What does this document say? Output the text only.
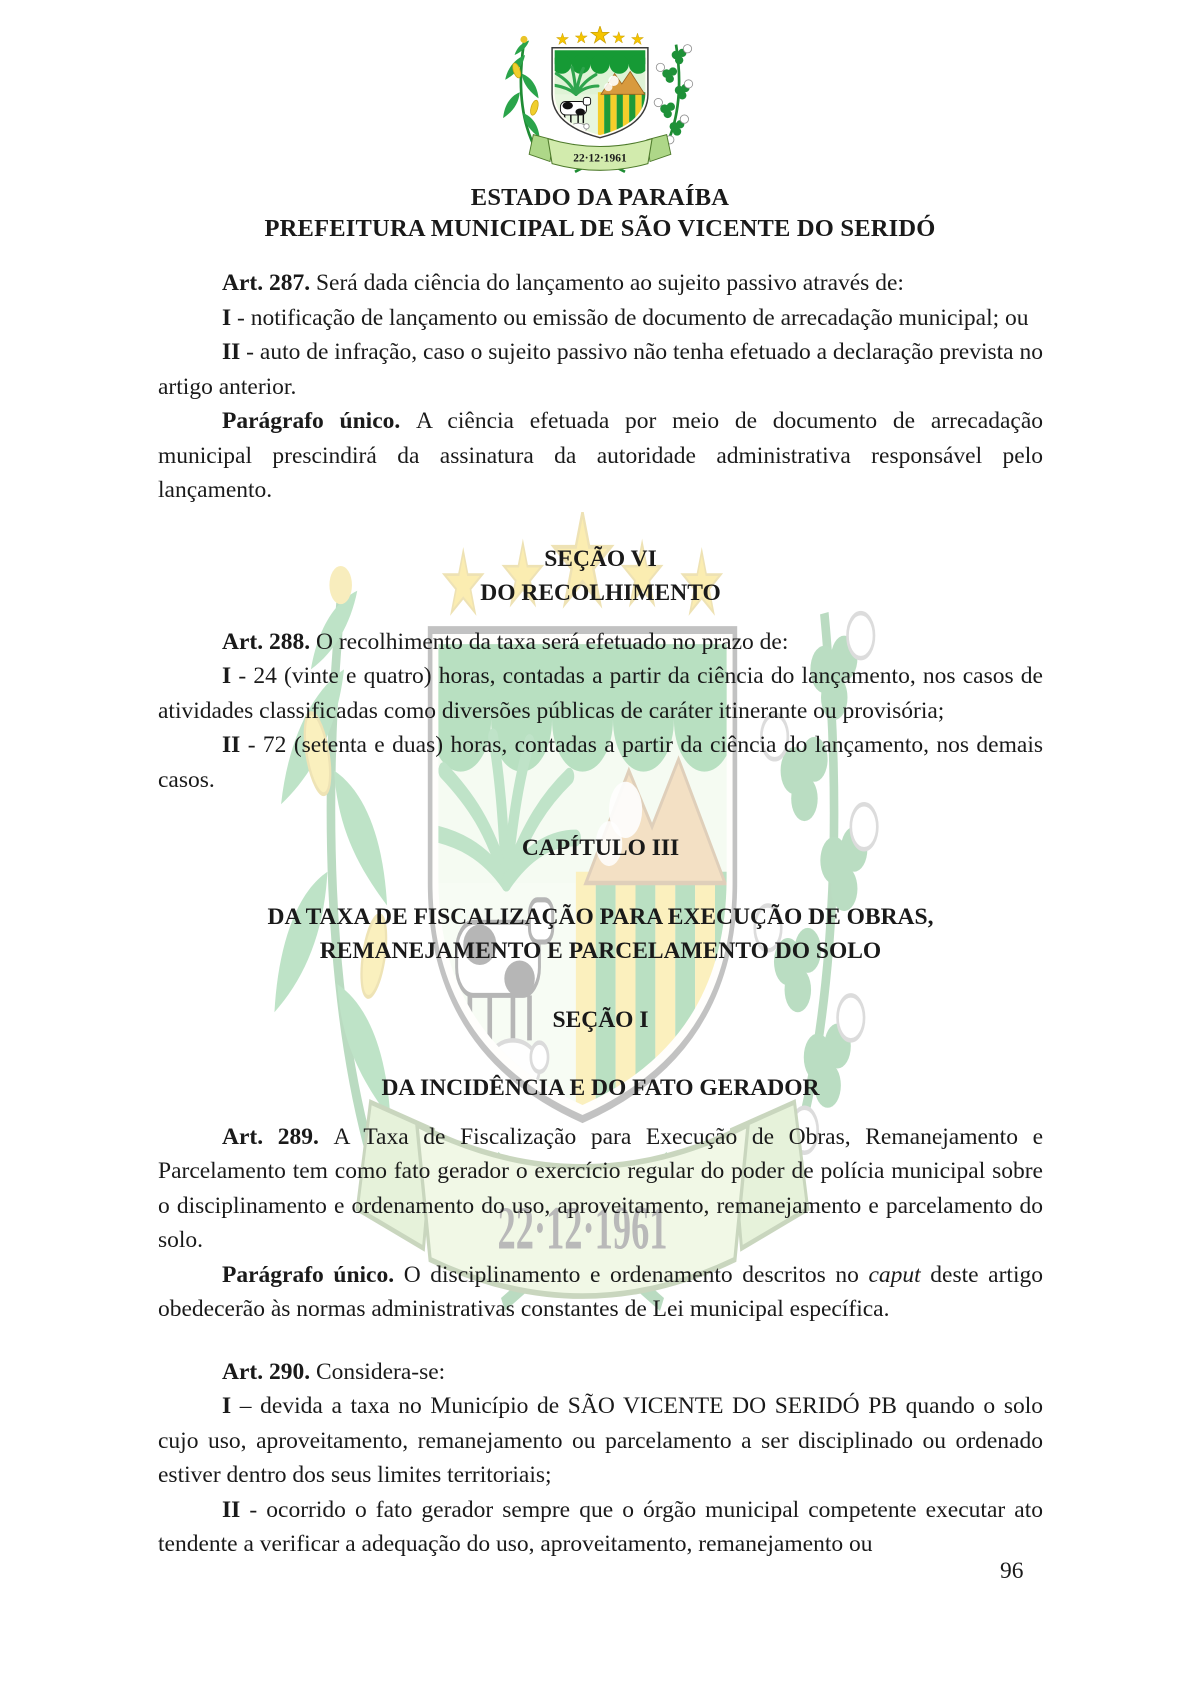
ESTADO DA PARAÍBA
PREFEITURA MUNICIPAL DE SÃO VICENTE DO SERIDÓ

Art. 287. Será dada ciência do lançamento ao sujeito passivo através de:

I - notificação de lançamento ou emissão de documento de arrecadação municipal; ou

II - auto de infração, caso o sujeito passivo não tenha efetuado a declaração prevista no artigo anterior.

Parágrafo único. A ciência efetuada por meio de documento de arrecadação municipal prescindirá da assinatura da autoridade administrativa responsável pelo lançamento.

SEÇÃO VI
DO RECOLHIMENTO

Art. 288. O recolhimento da taxa será efetuado no prazo de:

I - 24 (vinte e quatro) horas, contadas a partir da ciência do lançamento, nos casos de atividades classificadas como diversões públicas de caráter itinerante ou provisória;

II - 72 (setenta e duas) horas, contadas a partir da ciência do lançamento, nos demais casos.

CAPÍTULO III
DA TAXA DE FISCALIZAÇÃO PARA EXECUÇÃO DE OBRAS,
REMANEJAMENTO E PARCELAMENTO DO SOLO
SEÇÃO I
DA INCIDÊNCIA E DO FATO GERADOR

Art. 289. A Taxa de Fiscalização para Execução de Obras, Remanejamento e Parcelamento tem como fato gerador o exercício regular do poder de polícia municipal sobre o disciplinamento e ordenamento do uso, aproveitamento, remanejamento e parcelamento do solo.

Parágrafo único. O disciplinamento e ordenamento descritos no caput deste artigo obedecerão às normas administrativas constantes de Lei municipal específica.

Art. 290. Considera-se:

I – devida a taxa no Município de SÃO VICENTE DO SERIDÓ PB quando o solo cujo uso, aproveitamento, remanejamento ou parcelamento a ser disciplinado ou ordenado estiver dentro dos seus limites territoriais;

II - ocorrido o fato gerador sempre que o órgão municipal competente executar ato tendente a verificar a adequação do uso, aproveitamento, remanejamento ou

96
